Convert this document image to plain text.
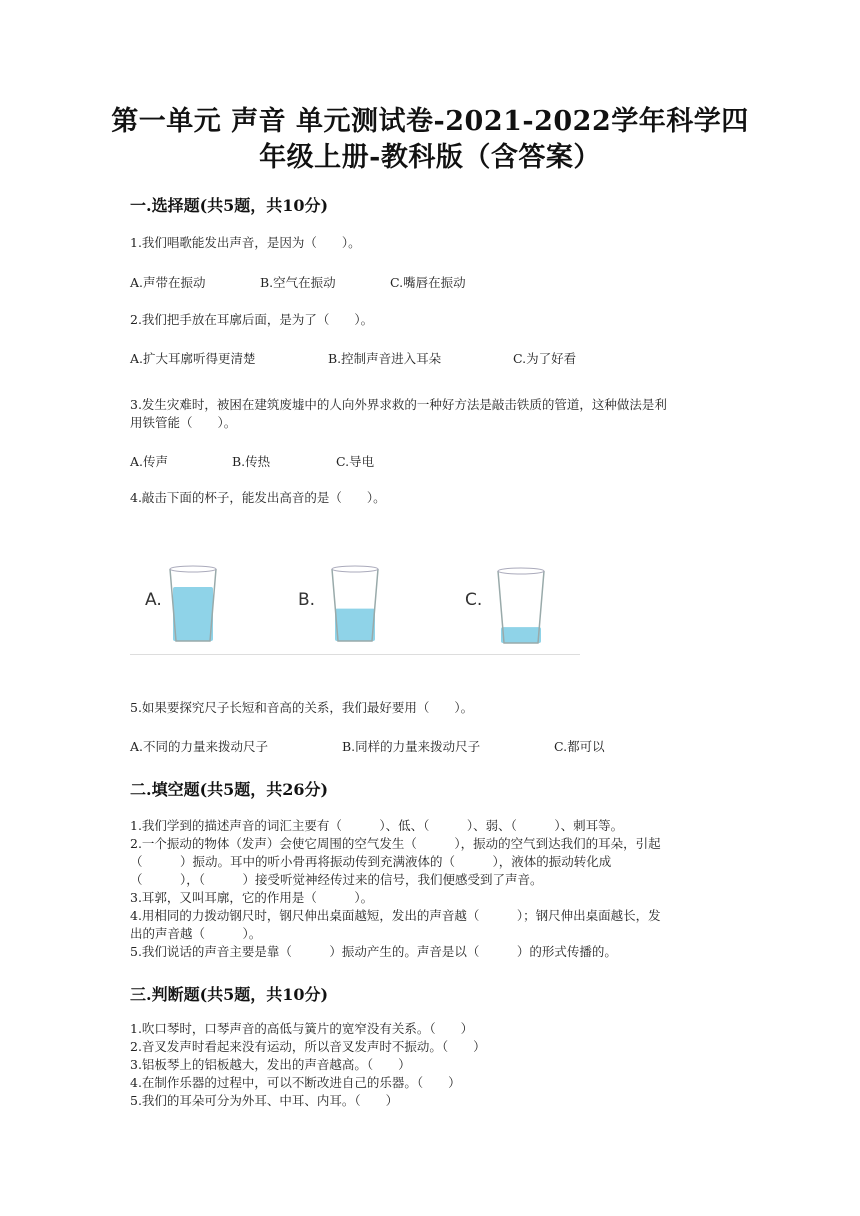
第一单元 声音 单元测试卷-2021-2022学年科学四
年级上册-教科版（含答案）
一.选择题(共5题，共10分)
1.我们唱歌能发出声音，是因为（　　）。
A.声带在振动	B.空气在振动	C.嘴唇在振动
2.我们把手放在耳廓后面，是为了（　　）。
A.扩大耳廓听得更清楚	B.控制声音进入耳朵	C.为了好看
3.发生灾难时，被困在建筑废墟中的人向外界求救的一种好方法是敲击铁质的管道，这种做法是利
用铁管能（　　）。
A.传声	B.传热	C.导电
4.敲击下面的杯子，能发出高音的是（　　）。
A.	B.	C.
5.如果要探究尺子长短和音高的关系，我们最好要用（　　）。
A.不同的力量来拨动尺子	B.同样的力量来拨动尺子	C.都可以
二.填空题(共5题，共26分)
1.我们学到的描述声音的词汇主要有（　　　）、低、（　　　）、弱、（　　　）、刺耳等。
2.一个振动的物体（发声）会使它周围的空气发生（　　　），振动的空气到达我们的耳朵，引起
（　　　）振动。耳中的听小骨再将振动传到充满液体的（　　　），液体的振动转化成
（　　　），（　　　）接受听觉神经传过来的信号，我们便感受到了声音。
3.耳郭，又叫耳廓，它的作用是（　　　）。
4.用相同的力拨动钢尺时，钢尺伸出桌面越短，发出的声音越（　　　）；钢尺伸出桌面越长，发
出的声音越（　　　）。
5.我们说话的声音主要是靠（　　　）振动产生的。声音是以（　　　）的形式传播的。
三.判断题(共5题，共10分)
1.吹口琴时，口琴声音的高低与簧片的宽窄没有关系。（　　）
2.音叉发声时看起来没有运动，所以音叉发声时不振动。（　　）
3.铝板琴上的铝板越大，发出的声音越高。（　　）
4.在制作乐器的过程中，可以不断改进自己的乐器。（　　）
5.我们的耳朵可分为外耳、中耳、内耳。（　　）
